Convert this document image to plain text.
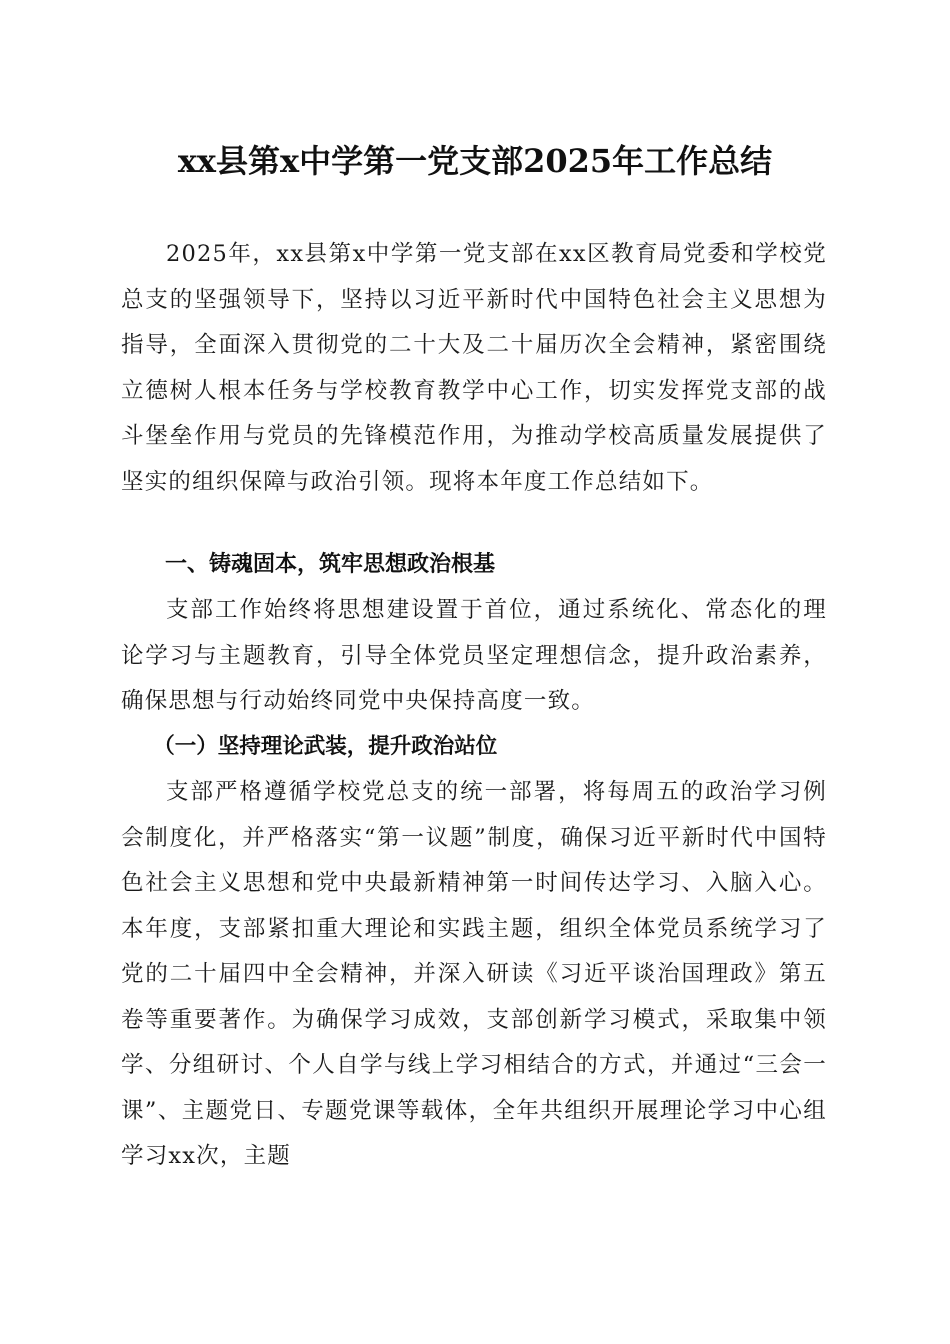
xx县第x中学第一党支部2025年工作总结

2025年，xx县第x中学第一党支部在xx区教育局党委和学校党总支的坚强领导下，坚持以习近平新时代中国特色社会主义思想为指导，全面深入贯彻党的二十大及二十届历次全会精神，紧密围绕立德树人根本任务与学校教育教学中心工作，切实发挥党支部的战斗堡垒作用与党员的先锋模范作用，为推动学校高质量发展提供了坚实的组织保障与政治引领。现将本年度工作总结如下。

一、铸魂固本，筑牢思想政治根基

支部工作始终将思想建设置于首位，通过系统化、常态化的理论学习与主题教育，引导全体党员坚定理想信念，提升政治素养，确保思想与行动始终同党中央保持高度一致。

（一）坚持理论武装，提升政治站位

支部严格遵循学校党总支的统一部署，将每周五的政治学习例会制度化，并严格落实“第一议题”制度，确保习近平新时代中国特色社会主义思想和党中央最新精神第一时间传达学习、入脑入心。本年度，支部紧扣重大理论和实践主题，组织全体党员系统学习了党的二十届四中全会精神，并深入研读《习近平谈治国理政》第五卷等重要著作。为确保学习成效，支部创新学习模式，采取集中领学、分组研讨、个人自学与线上学习相结合的方式，并通过“三会一课”、主题党日、专题党课等载体，全年共组织开展理论学习中心组学习xx次，主题
